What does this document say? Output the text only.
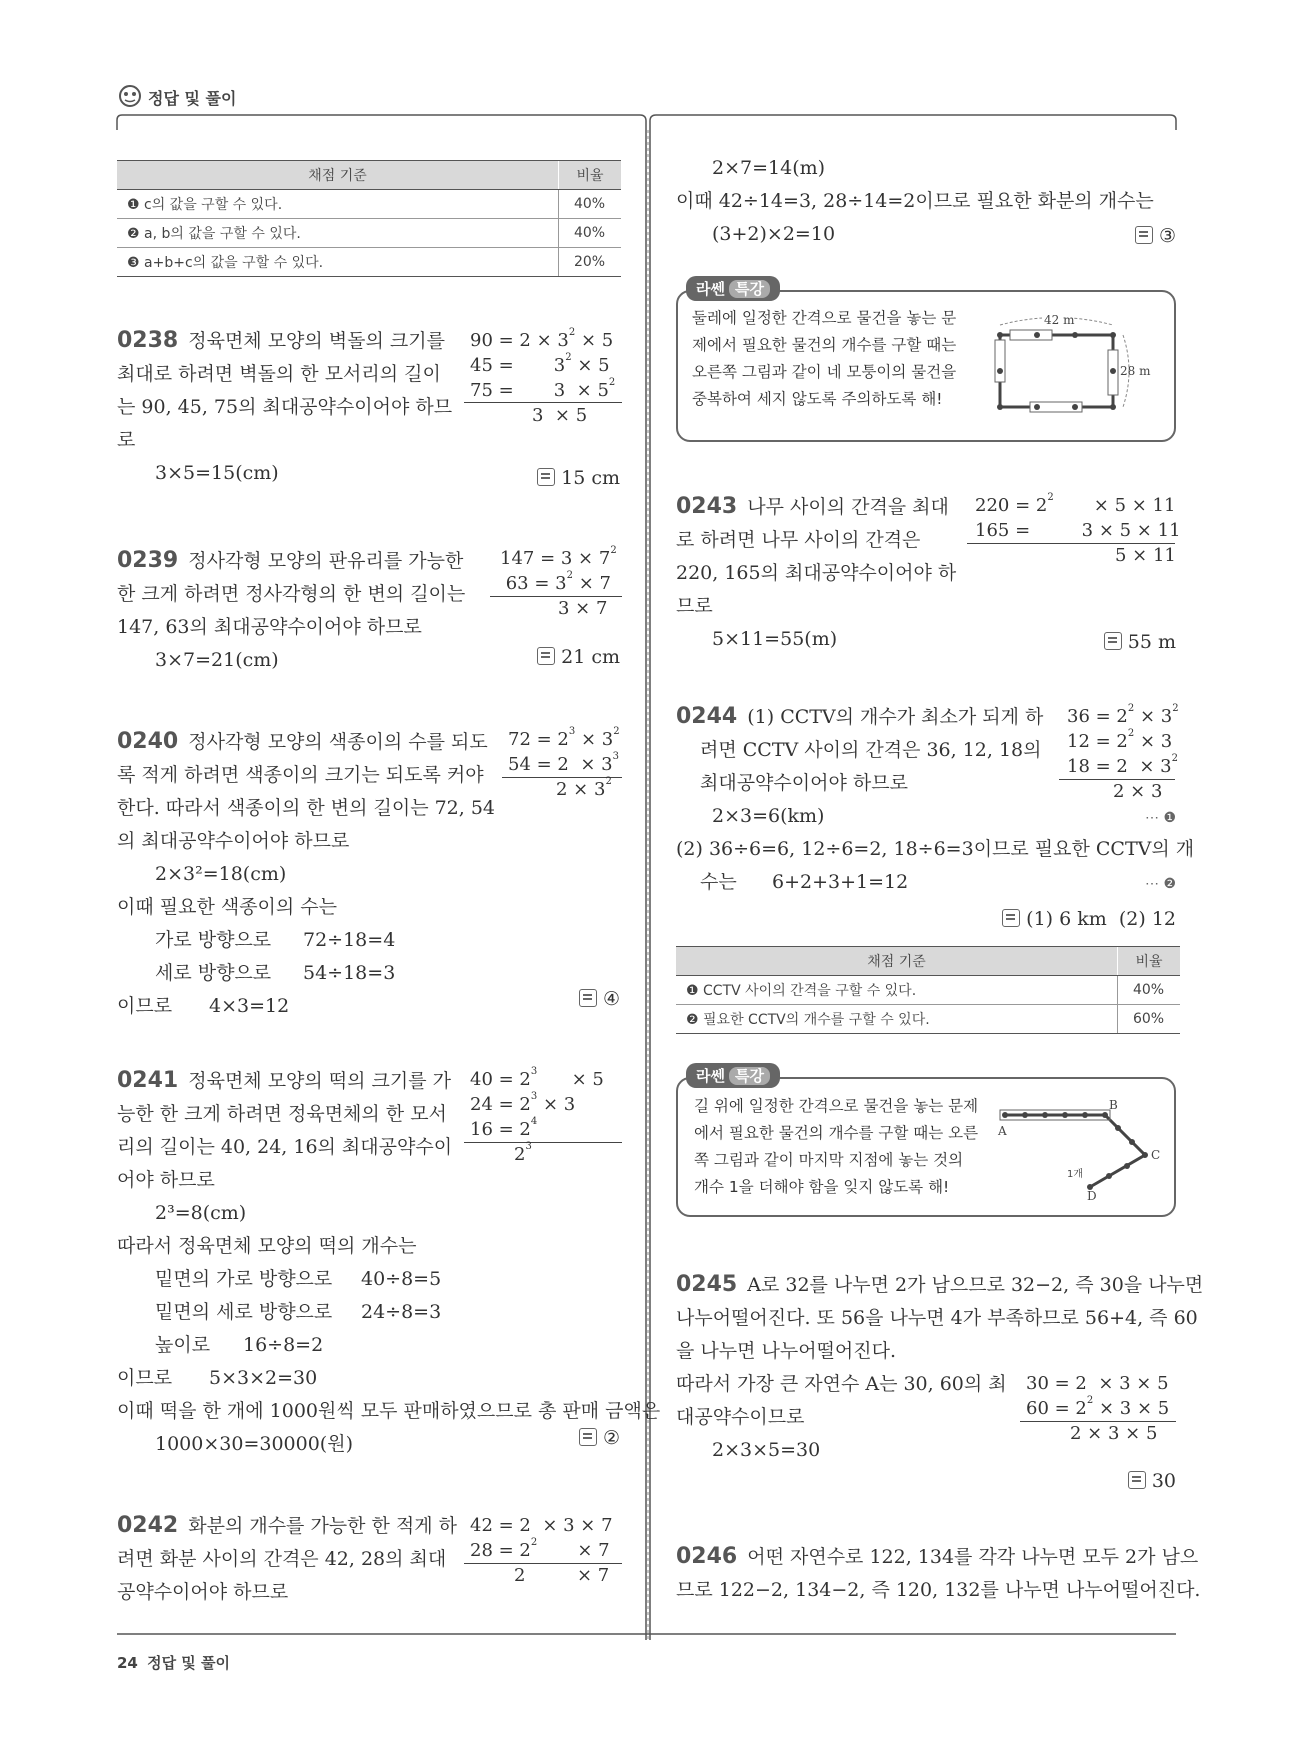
정답 및 풀이
채점 기준	비율
❶ c의 값을 구할 수 있다.	40%
❷ a, b의 값을 구할 수 있다.	40%
❸ a+b+c의 값을 구할 수 있다.	20%
0238 정육면체 모양의 벽돌의 크기를
최대로 하려면 벽돌의 한 모서리의 길이
는 90, 45, 75의 최대공약수이어야 하므
로
3×5=15(cm)
$90 = 2 \times 3^2 \times 5$
45 =       $3^2 \times 5$
75 =       $3 \times 5^2$
3  × 5
15 cm
0239 정사각형 모양의 판유리를 가능한
한 크게 하려면 정사각형의 한 변의 길이는
147, 63의 최대공약수이어야 하므로
3×7=21(cm)
$147 = 3 \times 7^2$
$63 = 3^2 \times 7$
3 × 7
21 cm
0240 정사각형 모양의 색종이의 수를 되도
록 적게 하려면 색종이의 크기는 되도록 커야
한다. 따라서 색종이의 한 변의 길이는 72, 54
의 최대공약수이어야 하므로
2×3²=18(cm)
이때 필요한 색종이의 수는
가로 방향으로 72÷18=4
세로 방향으로 54÷18=3
이므로 4×3=12
$72 = 2^3 \times 3^2$
$54 = 2 \times 3^3$
$2 \times 3^2$
④
0241 정육면체 모양의 떡의 크기를 가
능한 한 크게 하려면 정육면체의 한 모서
리의 길이는 40, 24, 16의 최대공약수이
어야 하므로
2³=8(cm)
따라서 정육면체 모양의 떡의 개수는
밑면의 가로 방향으로 40÷8=5
밑면의 세로 방향으로 24÷8=3
높이로 16÷8=2
이므로 5×3×2=30
이때 떡을 한 개에 1000원씩 모두 판매하였으므로 총 판매 금액은
1000×30=30000(원)
$40 = 2^3$      × 5
$24 = 2^3 \times 3$
$16 = 2^4$
$2^3$
②
0242 화분의 개수를 가능한 한 적게 하
려면 화분 사이의 간격은 42, 28의 최대
공약수이어야 하므로
42 = 2  × 3 × 7
$28 = 2^2$       × 7
2         × 7
24 정답 및 풀이
2×7=14(m)
이때 42÷14=3, 28÷14=2이므로 필요한 화분의 개수는
(3+2)×2=10	③
라쎈 특강
둘레에 일정한 간격으로 물건을 놓는 문
제에서 필요한 물건의 개수를 구할 때는
오른쪽 그림과 같이 네 모퉁이의 물건을
중복하여 세지 않도록 주의하도록 해!
42 m
28 m
0243 나무 사이의 간격을 최대
로 하려면 나무 사이의 간격은
220, 165의 최대공약수이어야 하
므로
5×11=55(m)
$220 = 2^2$       × 5 × 11
165 =         3 × 5 × 11
5 × 11
55 m
0244 (1) CCTV의 개수가 최소가 되게 하
려면 CCTV 사이의 간격은 36, 12, 18의
최대공약수이어야 하므로
2×3=6(km)
(2) 36÷6=6, 12÷6=2, 18÷6=3이므로 필요한 CCTV의 개
수는 6+2+3+1=12
⋯ ❶
⋯ ❷
$36 = 2^2 \times 3^2$
$12 = 2^2 \times 3$
$18 = 2 \times 3^2$
2 × 3
(1) 6 km  (2) 12
채점 기준	비율
❶ CCTV 사이의 간격을 구할 수 있다.	40%
❷ 필요한 CCTV의 개수를 구할 수 있다.	60%
라쎈 특강
길 위에 일정한 간격으로 물건을 놓는 문제
에서 필요한 물건의 개수를 구할 때는 오른
쪽 그림과 같이 마지막 지점에 놓는 것의
개수 1을 더해야 함을 잊지 않도록 해!
A
B
C
D
1개
0245 A로 32를 나누면 2가 남으므로 32−2, 즉 30을 나누면
나누어떨어진다. 또 56을 나누면 4가 부족하므로 56+4, 즉 60
을 나누면 나누어떨어진다.
따라서 가장 큰 자연수 A는 30, 60의 최
대공약수이므로
2×3×5=30
30 = 2  × 3 × 5
$60 = 2^2 \times 3 \times 5$
2 × 3 × 5
30
0246 어떤 자연수로 122, 134를 각각 나누면 모두 2가 남으
므로 122−2, 134−2, 즉 120, 132를 나누면 나누어떨어진다.
